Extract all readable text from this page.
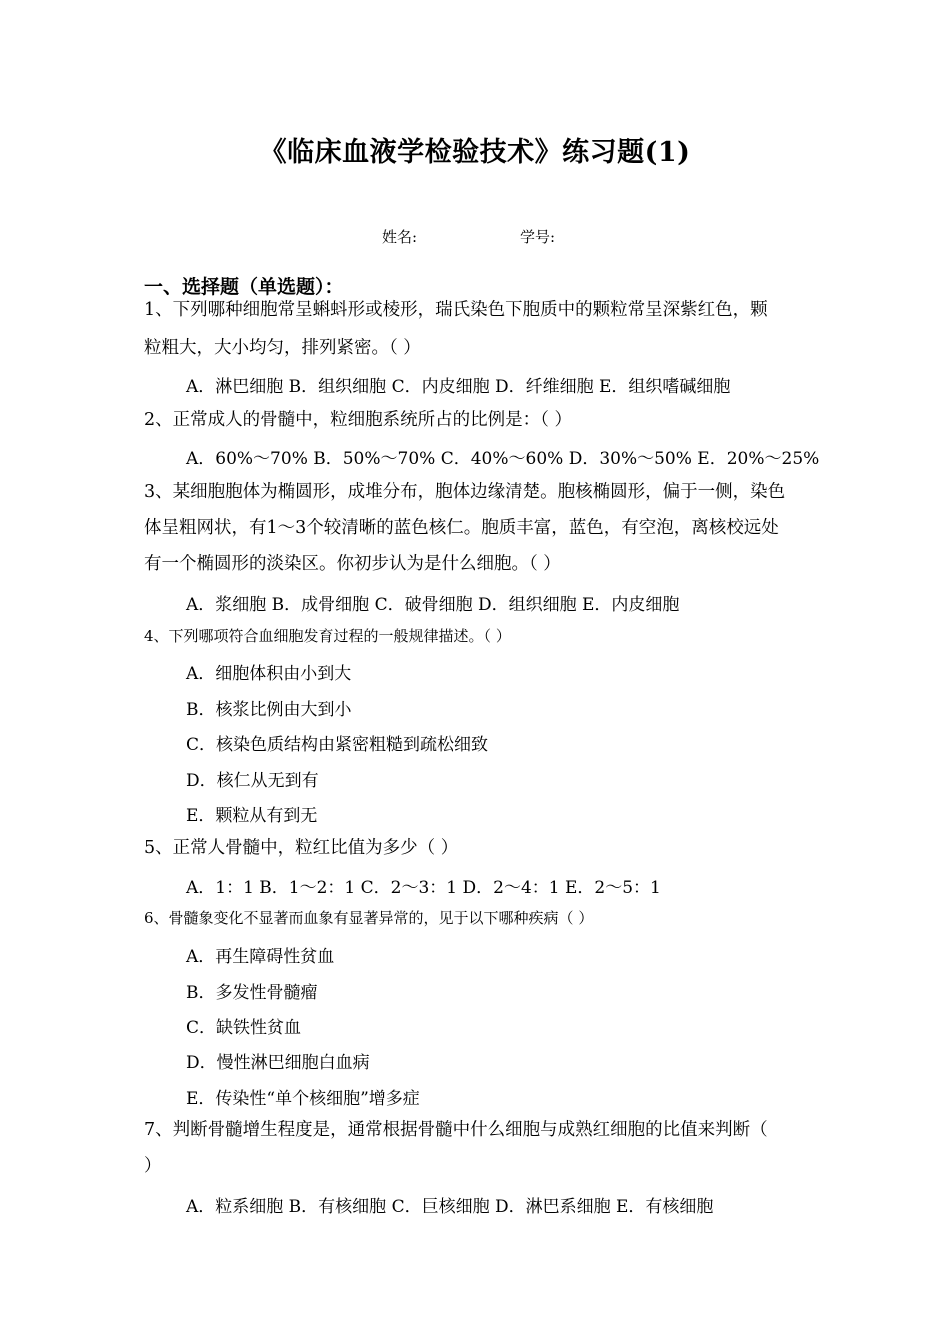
《临床血液学检验技术》练习题(1)
姓名:	学号:
一、选择题（单选题）：
1、下列哪种细胞常呈蝌蚪形或棱形，瑞氏染色下胞质中的颗粒常呈深紫红色，颗
粒粗大，大小均匀，排列紧密。（ ）
A．淋巴细胞 B．组织细胞 C．内皮细胞 D．纤维细胞 E．组织嗜碱细胞
2、正常成人的骨髓中，粒细胞系统所占的比例是：（ ）
A．60%～70% B．50%～70% C．40%～60% D．30%～50% E．20%～25%
3、某细胞胞体为椭圆形，成堆分布，胞体边缘清楚。胞核椭圆形，偏于一侧，染色
体呈粗网状，有1～3个较清晰的蓝色核仁。胞质丰富，蓝色，有空泡，离核校远处
有一个椭圆形的淡染区。你初步认为是什么细胞。（ ）
A．浆细胞 B．成骨细胞 C．破骨细胞 D．组织细胞 E．内皮细胞
4、下列哪项符合血细胞发育过程的一般规律描述。（ ）
A．细胞体积由小到大
B．核浆比例由大到小
C．核染色质结构由紧密粗糙到疏松细致
D．核仁从无到有
E．颗粒从有到无
5、正常人骨髓中，粒红比值为多少（ ）
A．1：1 B．1～2：1 C．2～3：1 D．2～4：1 E．2～5：1
6、骨髓象变化不显著而血象有显著异常的，见于以下哪种疾病（ ）
A．再生障碍性贫血
B．多发性骨髓瘤
C．缺铁性贫血
D．慢性淋巴细胞白血病
E．传染性“单个核细胞”增多症
7、判断骨髓增生程度是，通常根据骨髓中什么细胞与成熟红细胞的比值来判断（
）
A．粒系细胞 B．有核细胞 C．巨核细胞 D．淋巴系细胞 E．有核细胞
